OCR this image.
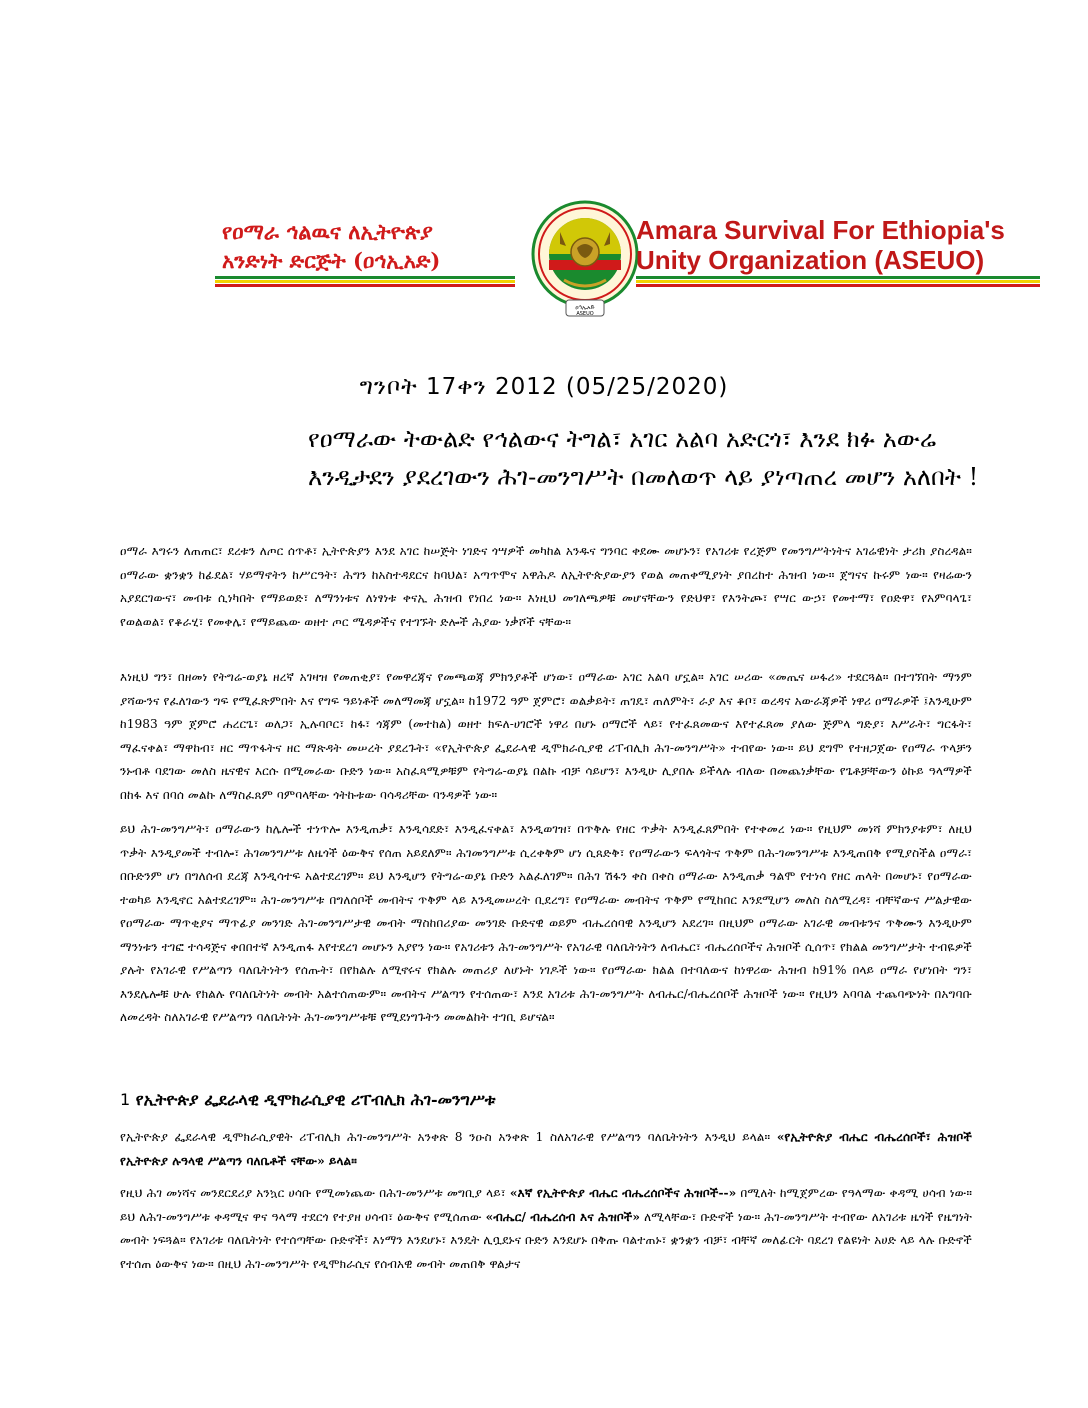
የዐማራ ኅልዉና ለኢትዮጵያ
አንድነት ድርጅት (ዐኅኢአድ)
ዐኅኢአድ
ASEUO
Amara Survival For Ethiopia's
Unity Organization (ASEUO)
ግንቦት 17ቀን 2012 (05/25/2020)
የዐማራው ትውልድ የኅልውና ትግል፣ አገር አልባ አድርጎ፣ እንደ ክፉ አውሬ እንዲታደን ያደረገውን ሕገ-መንግሥት በመለወጥ ላይ ያነጣጠረ መሆን አለበት !
ዐማራ እግሩን ለጠጠር፣ ደረቱን ለጦር ሰጥቶ፣ ኢትዮጵያን እንደ አገር ከሠጅት ነገድና ጎሣዎች መካከል አንዱና ግንባር ቀደሙ መሆኑን፣ የአገሪቱ የረጅም የመንግሥትነትና አገሬዊነት ታሪክ ያስረዳል። ዐማራው ቋንቋን ከፊደል፣ ሃይማኖትን ከሥርዓት፣ ሕግን ከአስተዳደርና ከባህል፣ አጣጥሞና አዋሕዶ ለኢትዮጵያውያን የወል መጠቀሚያነት ያበረከተ ሕዝብ ነው። ጀግናና ኩሩም ነው። የዛሬውን አያደርገውና፣ መብቱ ሲነካበት የማይወድ፣ ለማንነቱና ለነፃነቱ ቀናኢ ሕዝብ የነበረ ነው። እነዚህ መገለጫዎቹ መሆናቸውን የድህዋ፣ የእንትጮ፣ የሣር ውኃ፣ የመተማ፣ የዐድዋ፣ የአምባላጌ፣ የወልወል፣ የቆራሂ፣ የመቀሌ፣ የማይጨው ወዘተ ጦር ሜዳዎችና የተገኙት ድሎች ሕያው ነቃሾች ናቸው።
እነዚህ ግን፣ በዘመነ የትግሬ-ወያኔ ዘረኛ አገዛዝ የመጠቂያ፣ የመዋረጃና የመጫወጃ ምክንያቶች ሆነው፣ ዐማራው አገር አልባ ሆኗል። አገር ሠሪው «መጤና ሠፋሪ» ተደርጓል። በተገኘበት ማንም ያሻውንና የፈለገውን ግፍ የሚፈጽምበት እና የግፍ ዓይነቶች መለማመጃ ሆኗል። ከ1972 ዓም ጀምሮ፣ ወልቃይት፣ ጠገዴ፣ ጠለምት፣ ራያ እና ቆቦ፣ ወረዳና አውራጃዎች ነዋሪ ዐማራዎች ፤እንዲሁም ከ1983 ዓም ጀምሮ ሐረርጌ፣ ወለጋ፣ ኢሉባቦር፣ ከፋ፣ ጎጃም (መተከል) ወዘተ ክፍለ-ሀገሮች ነዋሪ በሆኑ ዐማሮች ላይ፣ የተፈጸመውና እየተፈጸመ ያለው ጅምላ ግድያ፣ እሥራት፣ ግርፋት፣ ማፈናቀል፣ ማዋከብ፣ ዘር ማጥፋትና ዘር ማጽዳት መሠረት ያደረጉት፣ «የኢትዮጵያ ፌደራላዊ ዲሞክራሲያዊ ሪፐብሊክ ሕገ-መንግሥት» ተብየው ነው። ይህ ደግሞ የተዘጋጀው የዐማራ ጥላቻን ንኑብቶ ባደገው መለስ ዜናዊና እርሱ በሚመራው ቡድን ነው። አስፈጻሚዎቹም የትግሬ-ወያኔ በልኩ ብቻ ሳይሆን፣ እንዲሁ ሊያበሉ ይችላሉ ብለው በመጨነቃቸው የጌቶቻቸውን ዕኩይ ዓላማዎች በከፋ እና በባሰ መልኩ ለማስፈጸም ባምባላቸው ጎትኩቱው ባሳዳሪቸው ባንዳዎች ነው።
ይህ ሕገ-መንግሥት፣ ዐማራውን ከሌሎች ተነጥሎ እንዲጠቃ፣ እንዲሳደድ፣ እንዲፈናቀል፣ እንዲወገዝ፣ በጥቅሉ የዘር ጥቃት እንዲፈጸምበት የተቀመረ ነው። የዚህም መነሻ ምክንያቱም፣ ለዚህ ጥቃት እንዲያመች ተብሎ፣ ሕገመንግሥቱ ለዜጎች ዕውቅና የሰጠ አይደለም። ሕገመንግሥቱ ሲረቀቅም ሆነ ሲጸድቅ፣ የዐማራውን ፍላጎትና ጥቅም በሕ-ገመንግሥቱ እንዲጠበቅ የሚያስችል ዐማራ፣ በቡድንም ሆነ በግለሰብ ደረጃ እንዲሳተፍ አልተደረገም። ይህ እንዲሆን የትግሬ-ወያኔ ቡድን አልፈለገም። በሕገ ሽፋን ቀስ በቀስ ዐማራው እንዲጠቃ ዓልሞ የተነሳ የዘር ጠላት በመሆኑ፣ የዐማራው ተወካይ እንዲኖር አልተደረገም። ሕገ-መንግሥቱ በግለሰቦች መብትና ጥቅም ላይ እንዲመሠረት ቢደረግ፣ የዐማራው መብትና ጥቅም የሚከበር እንደሚሆን መለስ ስለሚረዳ፣ ብቸኛውና ሥልታዊው የዐማራው ማጥቂያና ማጥፊያ መንገድ ሕገ-መንግሥታዊ መብት ማስከበሪያው መንገድ ቡድናዊ ወይም ብሔረሰባዊ እንዲሆን አደረገ። በዚህም ዐማራው አገራዊ መብቱንና ጥቅሙን እንዲሁም ማንነቱን ተገፎ ተሳዳጅና ቀበበተኛ እንዲጠፋ እየተደረገ መሆኑን እያየን ነው። የአገሪቱን ሕገ-መንግሥት የአገራዊ ባለቤትነትን ለብሔር፣ ብሔረሰቦችና ሕዝቦች ሲሰጥ፣ የክልል መንግሥታት ተብዬዎች ያሉት የአገራዊ የሥልጣን ባለቤትነትን የሰጡት፣ በየክልሉ ለሚኖሩና የክልሉ መጠሪያ ለሆኑት ነገዶች ነው። የዐማራው ክልል በተባለውና ከነዋሪው ሕዝብ ከ91% በላይ ዐማራ የሆነበት ግን፣ እንደሌሎቹ ሁሉ የክልሉ የባለቤትነት መብት አልተሰጠውም። መብትና ሥልጣን የተሰጠው፣ እንደ አገሪቱ ሕገ-መንግሥት ለብሔር/ብሔረሰቦች ሕዝቦች ነው። የዚህን አባባል ተጨባጭነት በአግባቡ ለመረዳት ስለአገራዊ የሥልጣን ባለቤትነት ሕገ-መንግሥቱቹ የሚደነግጉትን መመልከት ተገቢ ይሆናል።
1 የኢትዮጵያ ፌደራላዊ ዲሞክራሲያዊ ሪፐብሊክ ሕገ-መንግሥቱ
የኢትዮጵያ ፌደራላዊ ዲሞክራሲያዊት ሪፐብሊክ ሕገ-መንግሥት አንቀጽ 8 ንዑስ አንቀጽ 1 ስለአገራዊ የሥልጣን ባለቤትነትን እንዲህ ይላል። «የኢትዮጵያ ብሔር ብሔረሰቦች፣ ሕዝቦች የኢትዮጵያ ሉዓላዊ ሥልጣን ባለቤቶች ናቸው» ይላል።
የዚህ ሕገ መነሻና መንደርደሪያ አንኳር ሀሳቡ የሚመነጨው በሕገ-መንሥቱ መግቢያ ላይ፣ «እኛ የኢትዮጵያ ብሔር ብሔረሰቦችና ሕዝቦች--» በሚለት ከሚጀምረው የዓላማው ቀዳሚ ሀሳብ ነው። ይህ ለሕገ-መንግሥቱ ቀዳሚና ዋና ዓላማ ተደርጎ የተያዘ ሀሳብ፣ ዕውቅና የሚሰጠው «ብሔር/ ብሔረሰብ እና ሕዝቦች» ለሚላቸው፣ ቡድኖች ነው። ሕገ-መንግሥት ተብየው ለአገሪቱ ዜጎች የዜግነት መብት ነፍጓል። የአገሪቱ ባለቤትነት የተሰጣቸው ቡድኖች፣ እነማን እንደሆኑ፣ እንዴት ሊቧደኑና ቡድን እንደሆኑ በቅጡ ባልተጠኑ፣ ቋንቋን ብቻ፣ ብቸኛ መለፊርት ባደረገ የልዩነት አሀድ ላይ ላሉ ቡድኖች የተሰጠ ዕውቅና ነው። በዚህ ሕገ-መንግሥት የዲሞክራሲና የሰብአዊ መብት መጠበቅ ዋልታና
